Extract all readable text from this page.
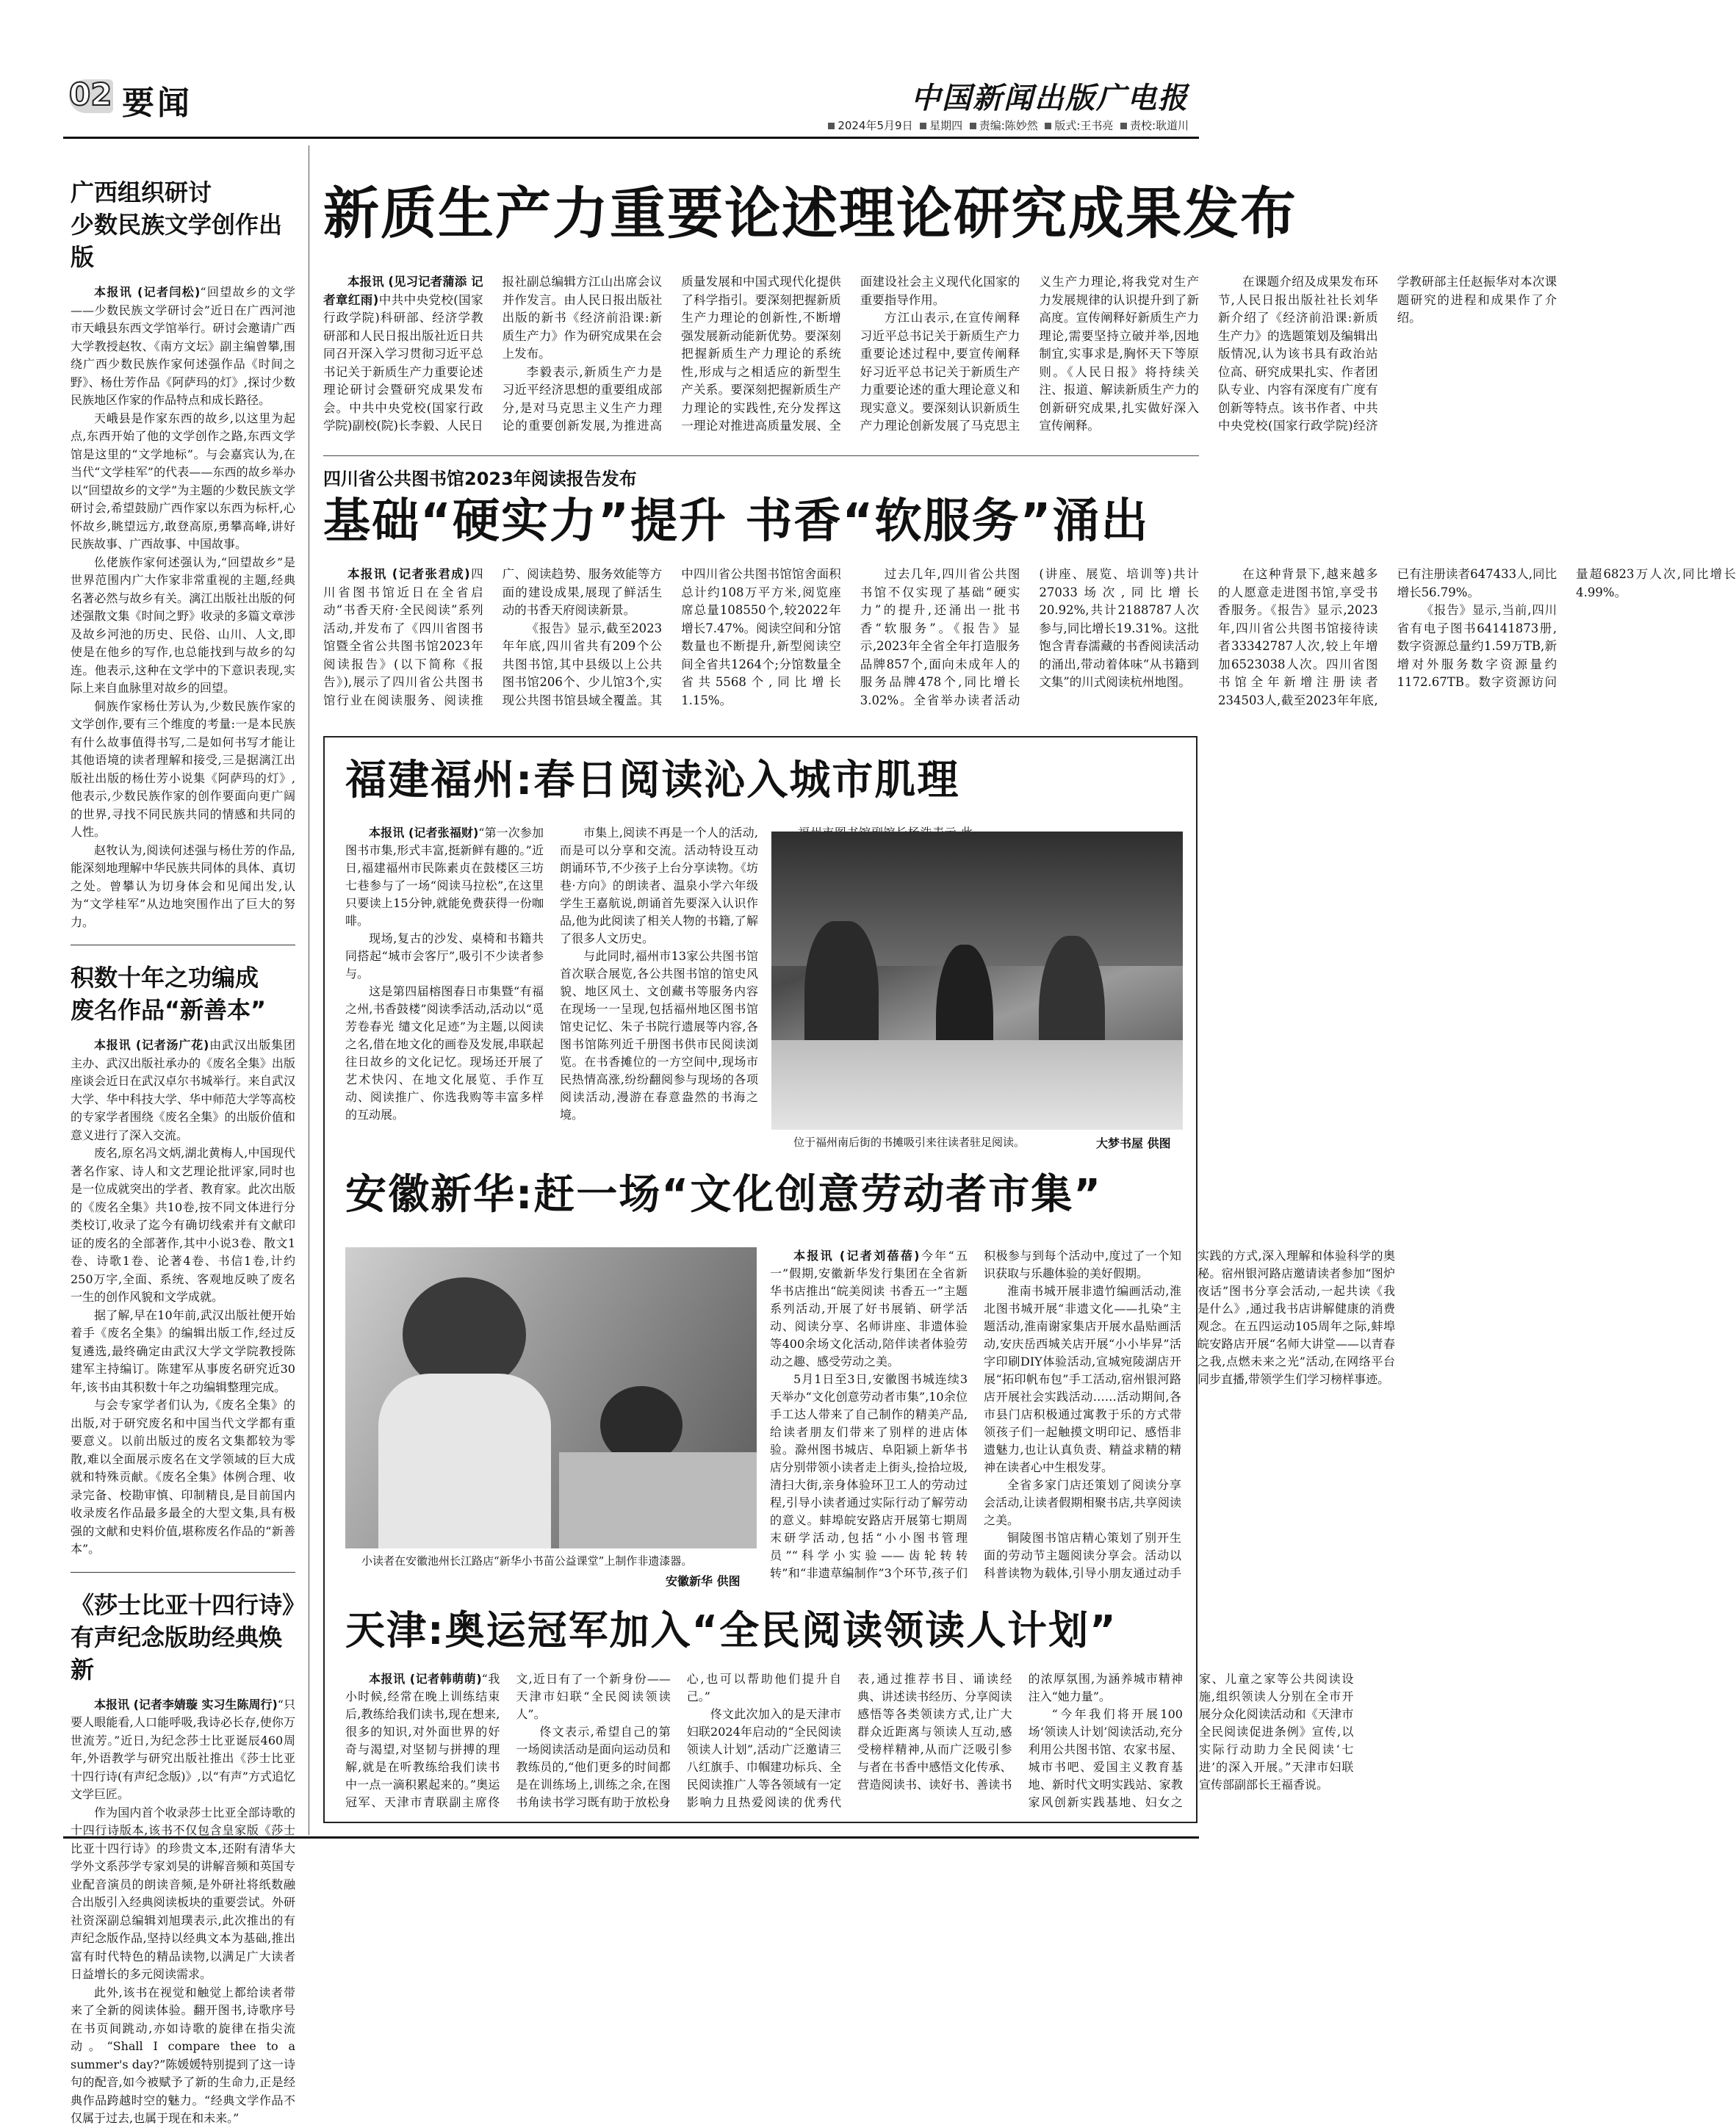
02 要闻	中国新闻出版广电报
2024年5月9日 星期四 责编:陈妙然 版式:王书亮 责校:耿道川
广西组织研讨
少数民族文学创作出版

本报讯 (记者闫松)“回望故乡的文学——少数民族文学研讨会”近日在广西河池市天峨县东西文学馆举行。研讨会邀请广西大学教授赵牧、《南方文坛》副主编曾攀,围绕广西少数民族作家何述强作品《时间之野》、杨仕芳作品《阿萨玛的灯》,探讨少数民族地区作家的作品特点和成长路径。

天峨县是作家东西的故乡,以这里为起点,东西开始了他的文学创作之路,东西文学馆是这里的“文学地标”。与会嘉宾认为,在当代“文学桂军”的代表——东西的故乡举办以“回望故乡的文学”为主题的少数民族文学研讨会,希望鼓励广西作家以东西为标杆,心怀故乡,眺望远方,敢登高原,勇攀高峰,讲好民族故事、广西故事、中国故事。

仫佬族作家何述强认为,“回望故乡”是世界范围内广大作家非常重视的主题,经典名著必然与故乡有关。漓江出版社出版的何述强散文集《时间之野》收录的多篇文章涉及故乡河池的历史、民俗、山川、人文,即使是在他乡的写作,也总能找到与故乡的勾连。他表示,这种在文学中的下意识表现,实际上来自血脉里对故乡的回望。

侗族作家杨仕芳认为,少数民族作家的文学创作,要有三个维度的考量:一是本民族有什么故事值得书写,二是如何书写才能让其他语境的读者理解和接受,三是据漓江出版社出版的杨仕芳小说集《阿萨玛的灯》,他表示,少数民族作家的创作要面向更广阔的世界,寻找不同民族共同的情感和共同的人性。

赵牧认为,阅读何述强与杨仕芳的作品,能深刻地理解中华民族共同体的具体、真切之处。曾攀认为切身体会和见闻出发,认为“文学桂军”从边地突围作出了巨大的努力。

积数十年之功编成
废名作品“新善本”

本报讯 (记者汤广花)由武汉出版集团主办、武汉出版社承办的《废名全集》出版座谈会近日在武汉卓尔书城举行。来自武汉大学、华中科技大学、华中师范大学等高校的专家学者围绕《废名全集》的出版价值和意义进行了深入交流。

废名,原名冯文炳,湖北黄梅人,中国现代著名作家、诗人和文艺理论批评家,同时也是一位成就突出的学者、教育家。此次出版的《废名全集》共10卷,按不同文体进行分类校订,收录了迄今有确切线索并有文献印证的废名的全部著作,其中小说3卷、散文1卷、诗歌1卷、论著4卷、书信1卷,计约250万字,全面、系统、客观地反映了废名一生的创作风貌和文学成就。

据了解,早在10年前,武汉出版社便开始着手《废名全集》的编辑出版工作,经过反复遴选,最终确定由武汉大学文学院教授陈建军主持编订。陈建军从事废名研究近30年,该书由其积数十年之功编辑整理完成。

与会专家学者们认为,《废名全集》的出版,对于研究废名和中国当代文学都有重要意义。以前出版过的废名文集都较为零散,难以全面展示废名在文学领域的巨大成就和特殊贡献。《废名全集》体例合理、收录完备、校勘审慎、印制精良,是目前国内收录废名作品最多最全的大型文集,具有极强的文献和史料价值,堪称废名作品的“新善本”。

《莎士比亚十四行诗》
有声纪念版助经典焕新

本报讯 (记者李婧璇 实习生陈周行)“只要人眼能看,人口能呼吸,我诗必长存,使你万世流芳。”近日,为纪念莎士比亚诞辰460周年,外语教学与研究出版社推出《莎士比亚十四行诗(有声纪念版)》,以“有声”方式追忆文学巨匠。

作为国内首个收录莎士比亚全部诗歌的十四行诗版本,该书不仅包含皇家版《莎士比亚十四行诗》的珍贵文本,还附有清华大学外文系莎学专家刘昊的讲解音频和英国专业配音演员的朗读音频,是外研社将纸数融合出版引入经典阅读板块的重要尝试。外研社资深副总编辑刘旭璞表示,此次推出的有声纪念版作品,坚持以经典文本为基础,推出富有时代特色的精品读物,以满足广大读者日益增长的多元阅读需求。

此外,该书在视觉和触觉上都给读者带来了全新的阅读体验。翻开图书,诗歌序号在书页间跳动,亦如诗歌的旋律在指尖流动。“Shall I compare thee to a summer's day?”陈媛媛特别提到了这一诗句的配音,如今被赋予了新的生命力,正是经典作品跨越时空的魅力。“经典文学作品不仅属于过去,也属于现在和未来。”

新质生产力重要论述理论研究成果发布

本报讯 (见习记者蒲添 记者章红雨)中共中央党校(国家行政学院)科研部、经济学教研部和人民日报出版社近日共同召开深入学习贯彻习近平总书记关于新质生产力重要论述理论研讨会暨研究成果发布会。中共中央党校(国家行政学院)副校(院)长李毅、人民日报社副总编辑方江山出席会议并作发言。由人民日报出版社出版的新书《经济前沿课:新质生产力》作为研究成果在会上发布。

李毅表示,新质生产力是习近平经济思想的重要组成部分,是对马克思主义生产力理论的重要创新发展,为推进高质量发展和中国式现代化提供了科学指引。要深刻把握新质生产力理论的创新性,不断增强发展新动能新优势。要深刻把握新质生产力理论的系统性,形成与之相适应的新型生产关系。要深刻把握新质生产力理论的实践性,充分发挥这一理论对推进高质量发展、全面建设社会主义现代化国家的重要指导作用。

方江山表示,在宣传阐释习近平总书记关于新质生产力重要论述过程中,要宣传阐释好习近平总书记关于新质生产力重要论述的重大理论意义和现实意义。要深刻认识新质生产力理论创新发展了马克思主义生产力理论,将我党对生产力发展规律的认识提升到了新高度。宣传阐释好新质生产力理论,需要坚持立破并举,因地制宜,实事求是,胸怀天下等原则。《人民日报》将持续关注、报道、解读新质生产力的创新研究成果,扎实做好深入宣传阐释。

在课题介绍及成果发布环节,人民日报出版社社长刘华新介绍了《经济前沿课:新质生产力》的选题策划及编辑出版情况,认为该书具有政治站位高、研究成果扎实、作者团队专业、内容有深度有广度有创新等特点。该书作者、中共中央党校(国家行政学院)经济学教研部主任赵振华对本次课题研究的进程和成果作了介绍。

四川省公共图书馆2023年阅读报告发布
基础“硬实力”提升 书香“软服务”涌出

本报讯 (记者张君成)四川省图书馆近日在全省启动“书香天府·全民阅读”系列活动,并发布了《四川省图书馆暨全省公共图书馆2023年阅读报告》(以下简称《报告》),展示了四川省公共图书馆行业在阅读服务、阅读推广、阅读趋势、服务效能等方面的建设成果,展现了鲜活生动的书香天府阅读新景。

《报告》显示,截至2023年年底,四川省共有209个公共图书馆,其中县级以上公共图书馆206个、少儿馆3个,实现公共图书馆县域全覆盖。其中四川省公共图书馆馆舍面积总计约108万平方米,阅览座席总量108550个,较2022年增长7.47%。阅读空间和分馆数量也不断提升,新型阅读空间全省共1264个;分馆数量全省共5568个,同比增长1.15%。

过去几年,四川省公共图书馆不仅实现了基础“硬实力”的提升,还涌出一批书香“软服务”。《报告》显示,2023年全省全年打造服务品牌857个,面向未成年人的服务品牌478个,同比增长3.02%。全省举办读者活动(讲座、展览、培训等)共计27033场次,同比增长20.92%,共计2188787人次参与,同比增长19.31%。这批饱含青春濡藏的书香阅读活动的涌出,带动着体味“从书籍到文集”的川式阅读杭州地图。

在这种背景下,越来越多的人愿意走进图书馆,享受书香服务。《报告》显示,2023年,四川省公共图书馆接待读者33342787人次,较上年增加6523038人次。四川省图书馆全年新增注册读者234503人,截至2023年年底,已有注册读者647433人,同比增长56.79%。

《报告》显示,当前,四川省有电子图书641418​73册,数字资源总量约1.59万TB,新增对外服务数字资源量约1172.67TB。数字资源访问量超6823万人次,同比增长4.99%。

福建福州:春日阅读沁入城市肌理

本报讯 (记者张福财)“第一次参加图书市集,形式丰富,挺新鲜有趣的。”近日,福建福州市民陈素贞在鼓楼区三坊七巷参与了一场“阅读马拉松”,在这里只要读上15分钟,就能免费获得一份咖啡。

现场,复古的沙发、桌椅和书籍共同搭起“城市会客厅”,吸引不少读者参与。

这是第四届榕图春日市集暨“有福之州,书香鼓楼”阅读季活动,活动以“觅芳卷春光 缱文化足迹”为主题,以阅读之名,借在地文化的画卷及发展,串联起往日故乡的文化记忆。现场还开展了艺术快闪、在地文化展览、手作互动、阅读推广、你选我购等丰富多样的互动展。

市集上,阅读不再是一个人的活动,而是可以分享和交流。活动特设互动朗诵环节,不少孩子上台分享读物。《坊巷·方向》的朗读者、温泉小学六年级学生王嘉航说,朗诵首先要深入认识作品,他为此阅读了相关人物的书籍,了解了很多人文历史。

与此同时,福州市13家公共图书馆首次联合展览,各公共图书馆的馆史风貌、地区风土、文创藏书等服务内容在现场一一呈现,包括福州地区图书馆馆史记忆、朱子书院行遗展等内容,各图书馆陈列近千册图书供市民阅读浏览。在书香摊位的一方空间中,现场市民热情高涨,纷纷翻阅参与现场的各项阅读活动,漫游在春意盎然的书海之境。

位于福州南后街的书摊吸引来往读者驻足阅读。	大梦书屋 供图
安徽新华:赶一场“文化创意劳动者市集”

小读者在安徽池州长江路店“新华小书苗公益课堂”上制作非遗漆器。

安徽新华 供图

本报讯 (记者刘蓓蓓)今年“五一”假期,安徽新华发行集团在全省新华书店推出“皖美阅读 书香五一”主题系列活动,开展了好书展销、研学活动、阅读分享、名师讲座、非遗体验等400余场文化活动,陪伴读者体验劳动之趣、感受劳动之美。

5月1日至3日,安徽图书城连续3天举办“文化创意劳动者市集”,10余位手工达人带来了自己制作的精美产品,给读者朋友们带来了别样的进店体验。滁州图书城店、阜阳颍上新华书店分别带领小读者走上街头,捡拾垃圾,清扫大街,亲身体验环卫工人的劳动过程,引导小读者通过实际行动了解劳动的意义。蚌埠皖安路店开展第七期周末研学活动,包括“小小图书管理员”“科学小实验——齿轮转转转”和“非遗草编制作”3个环节,孩子们积极参与到每个活动中,度过了一个知识获取与乐趣体验的美好假期。

淮南书城开展非遗竹编画活动,淮北图书城开展“非遗文化——扎染”主题活动,淮南谢家集店开展水晶贴画活动,安庆岳西城关店开展“小小毕昇”活字印刷DIY体验活动,宣城宛陵湖店开展“拓印帆布包”手工活动,宿州银河路店开展社会实践活动……活动期间,各市县门店积极通过寓教于乐的方式带领孩子们一起触摸文明印记、感悟非遗魅力,也让认真负责、精益求精的精神在读者心中生根发芽。

全省多家门店还策划了阅读分享会活动,让读者假期相聚书店,共享阅读之美。

铜陵图书馆店精心策划了别开生面的劳动节主题阅读分享会。活动以科普读物为载体,引导小朋友通过动手实践的方式,深入理解和体验科学的奥秘。宿州银河路店邀请读者参加“图炉夜话”图书分享会活动,一起共读《我是什么》,通过我书店讲解健康的消费观念。在五四运动105周年之际,蚌埠皖安路店开展“名师大讲堂——以青春之我,点燃未来之光”活动,在网络平台同步直播,带领学生们学习榜样事迹。

天津:奥运冠军加入“全民阅读领读人计划”

本报讯 (记者韩萌萌)“我小时候,经常在晚上训练结束后,教练给我们读书,现在想来,很多的知识,对外面世界的好奇与渴望,对坚韧与拼搏的理解,就是在听教练给我们读书中一点一滴积累起来的。”奥运冠军、天津市青联副主席佟文,近日有了一个新身份——天津市妇联“全民阅读领读人”。

佟文表示,希望自己的第一场阅读活动是面向运动员和教练员的,“他们更多的时间都是在训练场上,训练之余,在图书角读书学习既有助于放松身心,也可以帮助他们提升自己。”

佟文此次加入的是天津市妇联2024年启动的“全民阅读领读人计划”,活动广泛邀请三八红旗手、巾帼建功标兵、全民阅读推广人等各领域有一定影响力且热爱阅读的优秀代表,通过推荐书目、诵读经典、讲述读书经历、分享阅读感悟等各类领读方式,让广大群众近距离与领读人互动,感受榜样精神,从而广泛吸引参与者在书香中感悟文化传承、营造阅读书、读好书、善读书的浓厚氛围,为涵养城市精神注入“她力量”。

“今年我们将开展100场‘领读人计划’阅读活动,充分利用公共图书馆、农家书屋、城市书吧、爱国主义教育基地、新时代文明实践站、家教家风创新实践基地、妇女之家、儿童之家等公共阅读设施,组织领读人分别在全市开展分众化阅读活动和《天津市全民阅读促进条例》宣传,以实际行动助力全民阅读‘七进’的深入开展。”天津市妇联宣传部副部长王福香说。
